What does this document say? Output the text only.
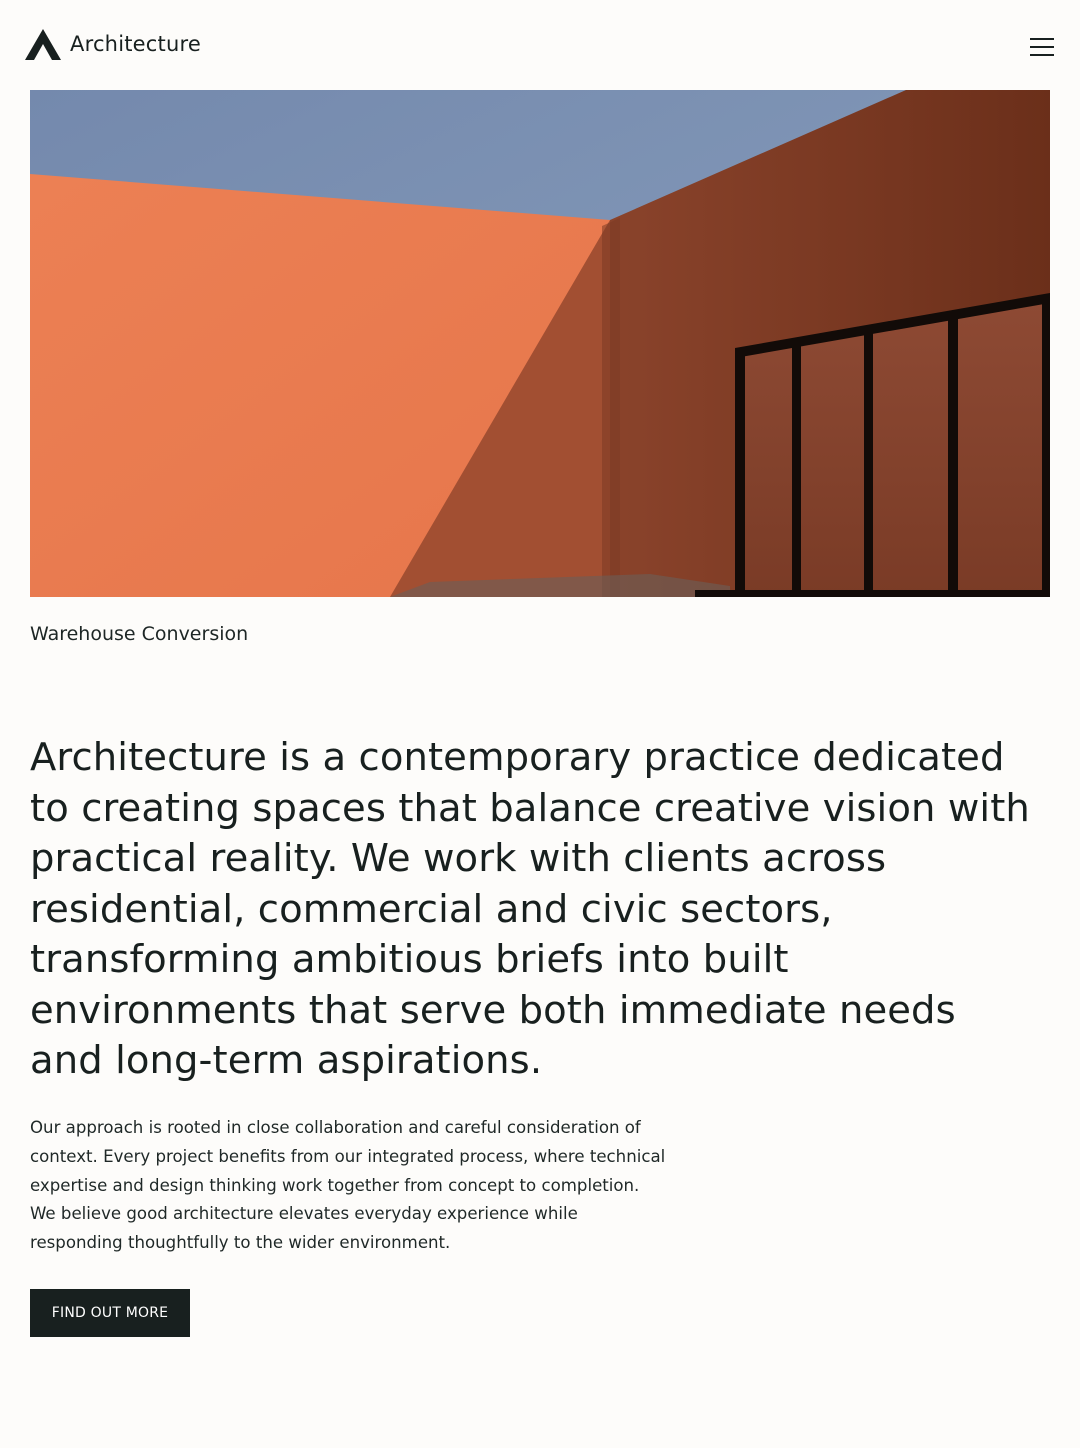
Architecture

Warehouse Conversion

Architecture is a contemporary practice dedicated to creating spaces that balance creative vision with practical reality. We work with clients across residential, commercial and civic sectors, transforming ambitious briefs into built environments that serve both immediate needs and long-term aspirations.

Our approach is rooted in close collaboration and careful consideration of context. Every project benefits from our integrated process, where technical expertise and design thinking work together from concept to completion. We believe good architecture elevates everyday experience while responding thoughtfully to the wider environment.

FIND OUT MORE
